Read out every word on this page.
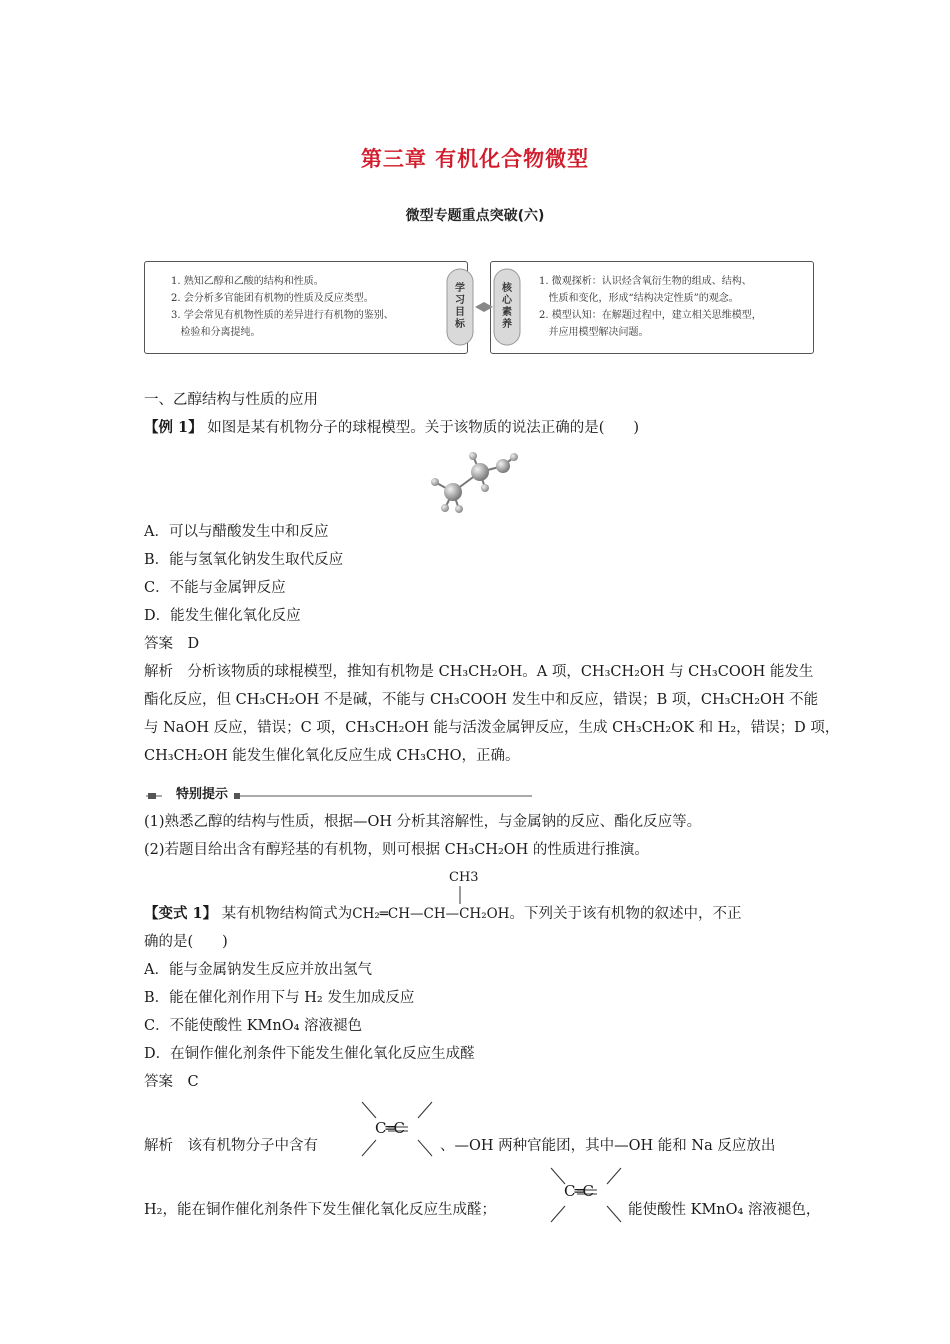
第三章 有机化合物微型
微型专题重点突破(六)
1. 熟知乙醇和乙酸的结构和性质。
2. 会分析多官能团有机物的性质及反应类型。
3. 学会常见有机物性质的差异进行有机物的鉴别、
检验和分离提纯。
1. 微观探析：认识烃含氧衍生物的组成、结构、
性质和变化，形成“结构决定性质”的观念。
2. 模型认知：在解题过程中，建立相关思维模型，
并应用模型解决问题。
学习目标
核心素养
一、乙醇结构与性质的应用
【例 1】 如图是某有机物分子的球棍模型。关于该物质的说法正确的是(　　)
A．可以与醋酸发生中和反应
B．能与氢氧化钠发生取代反应
C．不能与金属钾反应
D．能发生催化氧化反应
答案　D
解析　分析该物质的球棍模型，推知有机物是 CH₃CH₂OH。A 项，CH₃CH₂OH 与 CH₃COOH 能发生
酯化反应，但 CH₃CH₂OH 不是碱，不能与 CH₃COOH 发生中和反应，错误；B 项，CH₃CH₂OH 不能
与 NaOH 反应，错误；C 项，CH₃CH₂OH 能与活泼金属钾反应，生成 CH₃CH₂OK 和 H₂，错误；D 项，
CH₃CH₂OH 能发生催化氧化反应生成 CH₃CHO，正确。
特别提示
(1)熟悉乙醇的结构与性质，根据—OH 分析其溶解性，与金属钠的反应、酯化反应等。
(2)若题目给出含有醇羟基的有机物，则可根据 CH₃CH₂OH 的性质进行推演。
CH3
【变式 1】 某有机物结构简式为CH₂═CH—CH—CH₂OH。下列关于该有机物的叙述中，不正
确的是(　　)
A．能与金属钠发生反应并放出氢气
B．能在催化剂作用下与 H₂ 发生加成反应
C．不能使酸性 KMnO₄ 溶液褪色
D．在铜作催化剂条件下能发生催化氧化反应生成醛
答案　C
解析　该有机物分子中含有
C═C
、—OH 两种官能团，其中—OH 能和 Na 反应放出
H₂，能在铜作催化剂条件下发生催化氧化反应生成醛；
C═C
能使酸性 KMnO₄ 溶液褪色，
